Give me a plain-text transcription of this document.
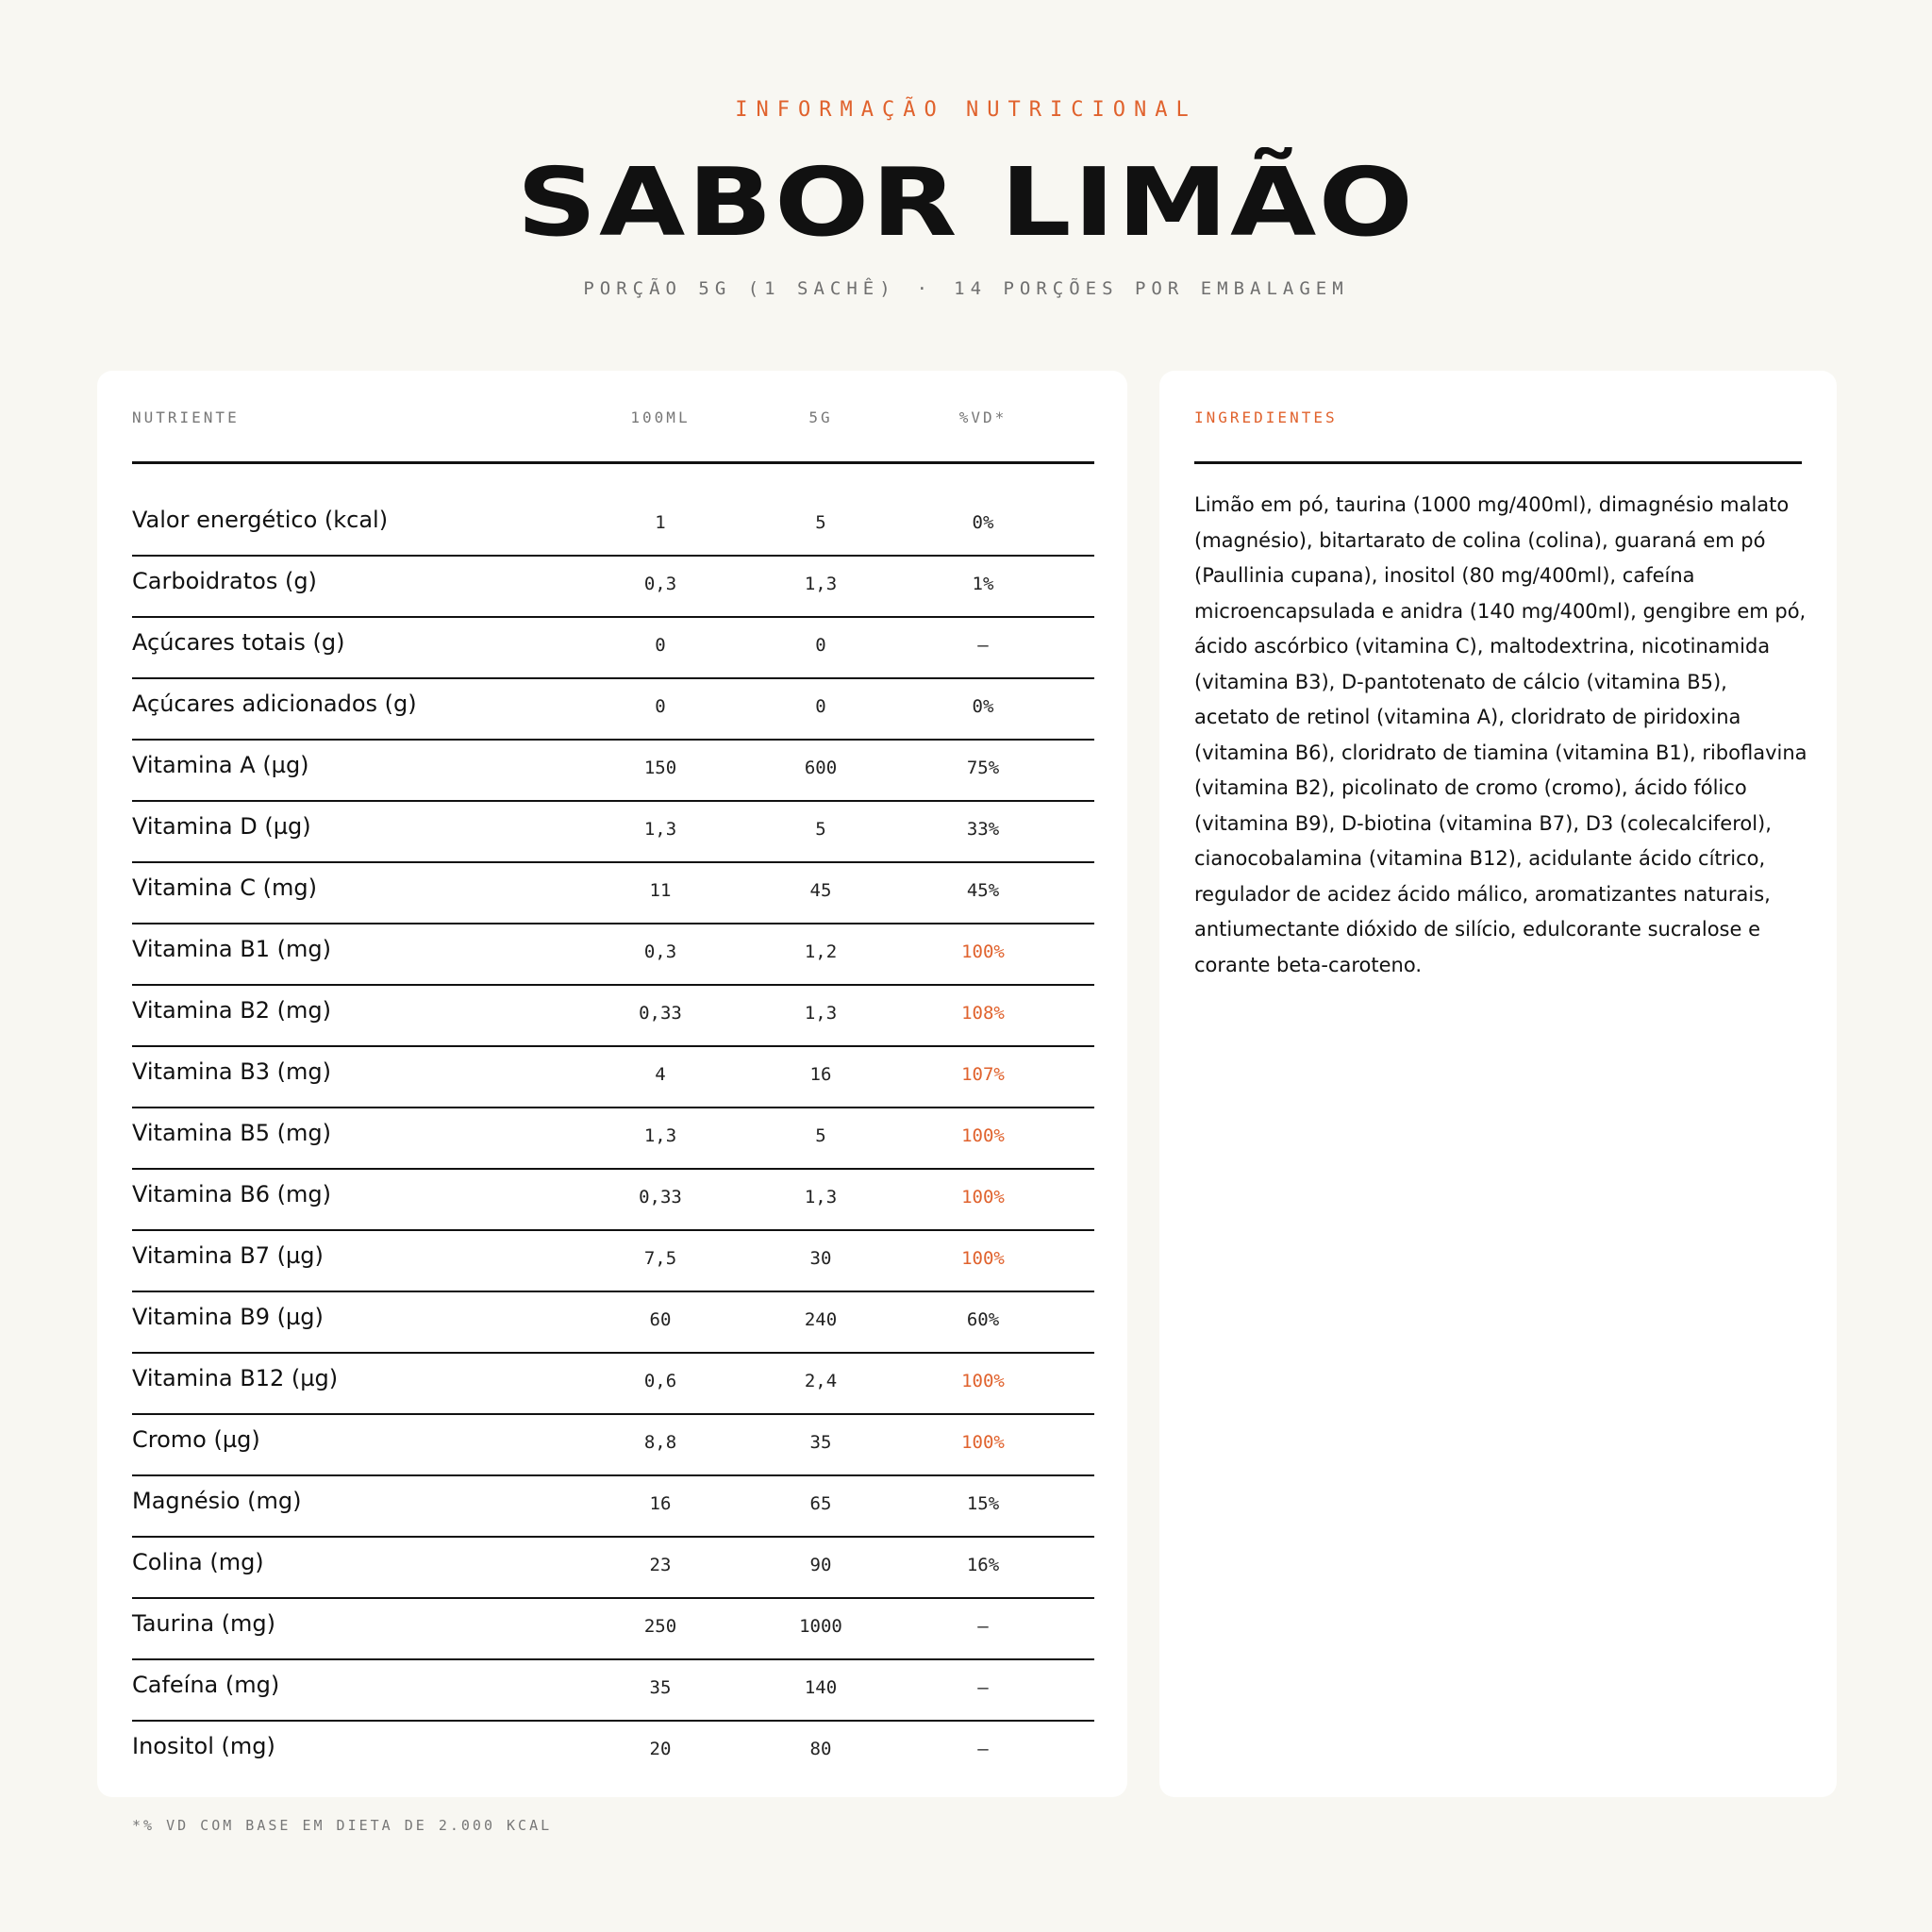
INFORMAÇÃO NUTRICIONAL
SABOR LIMÃO
PORÇÃO 5G (1 SACHÊ) · 14 PORÇÕES POR EMBALAGEM
NUTRIENTE	100ML	5G	%VD*
Valor energético (kcal)	1	5	0%
Carboidratos (g)	0,3	1,3	1%
Açúcares totais (g)	0	0	—
Açúcares adicionados (g)	0	0	0%
Vitamina A (µg)	150	600	75%
Vitamina D (µg)	1,3	5	33%
Vitamina C (mg)	11	45	45%
Vitamina B1 (mg)	0,3	1,2	100%
Vitamina B2 (mg)	0,33	1,3	108%
Vitamina B3 (mg)	4	16	107%
Vitamina B5 (mg)	1,3	5	100%
Vitamina B6 (mg)	0,33	1,3	100%
Vitamina B7 (µg)	7,5	30	100%
Vitamina B9 (µg)	60	240	60%
Vitamina B12 (µg)	0,6	2,4	100%
Cromo (µg)	8,8	35	100%
Magnésio (mg)	16	65	15%
Colina (mg)	23	90	16%
Taurina (mg)	250	1000	—
Cafeína (mg)	35	140	—
Inositol (mg)	20	80	—
INGREDIENTES
Limão em pó, taurina (1000 mg/400ml), dimagnésio malato (magnésio), bitartarato de colina (colina), guaraná em pó (Paullinia cupana), inositol (80 mg/400ml), cafeína microencapsulada e anidra (140 mg/400ml), gengibre em pó, ácido ascórbico (vitamina C), maltodextrina, nicotinamida (vitamina B3), D-pantotenato de cálcio (vitamina B5), acetato de retinol (vitamina A), cloridrato de piridoxina (vitamina B6), cloridrato de tiamina (vitamina B1), riboflavina (vitamina B2), picolinato de cromo (cromo), ácido fólico (vitamina B9), D-biotina (vitamina B7), D3 (colecalciferol), cianocobalamina (vitamina B12), acidulante ácido cítrico, regulador de acidez ácido málico, aromatizantes naturais, antiumectante dióxido de silício, edulcorante sucralose e corante beta-caroteno.
*% VD COM BASE EM DIETA DE 2.000 KCAL
